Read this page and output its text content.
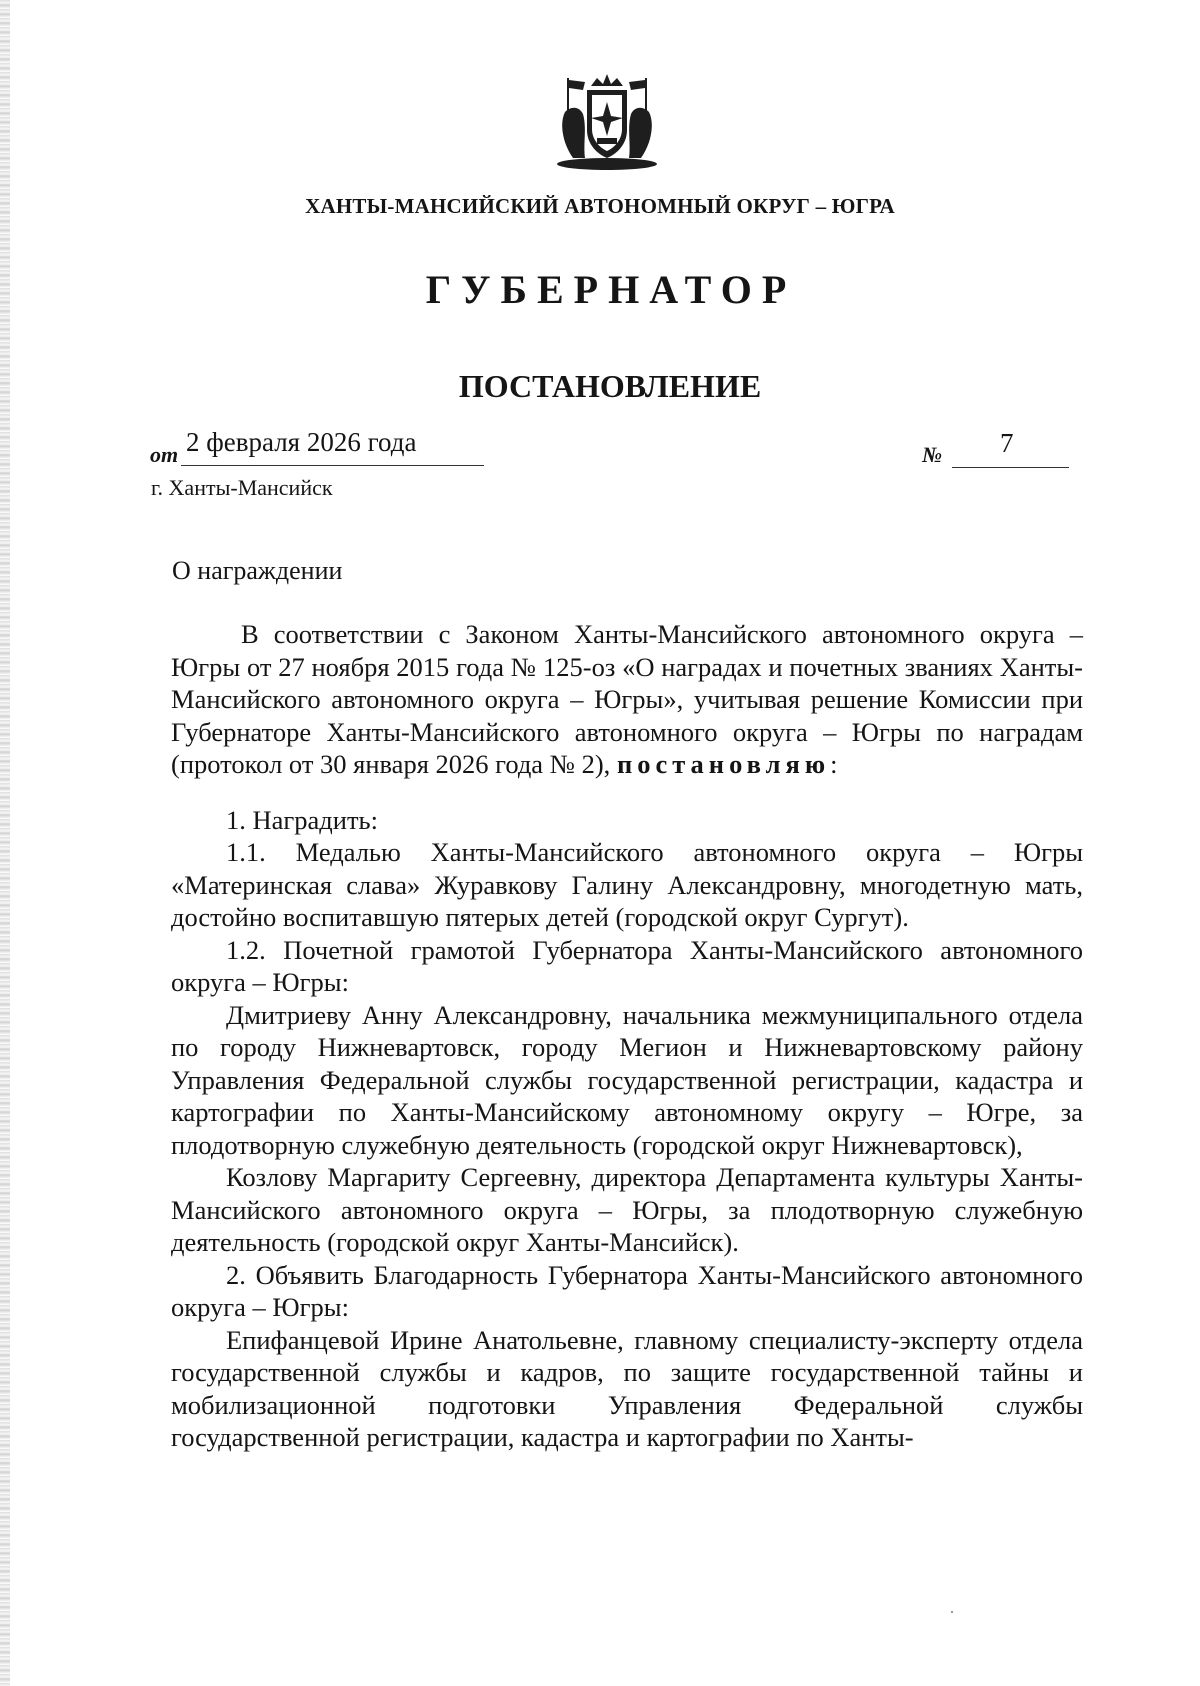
ХАНТЫ-МАНСИЙСКИЙ АВТОНОМНЫЙ ОКРУГ – ЮГРА
ГУБЕРНАТОР
ПОСТАНОВЛЕНИЕ
от 2 февраля 2026 года	№ 7
г. Ханты-Мансийск
О награждении

В соответствии с Законом Ханты-Мансийского автономного округа – Югры от 27 ноября 2015 года № 125-оз «О наградах и почетных званиях Ханты-Мансийского автономного округа – Югры», учитывая решение Комиссии при Губернаторе Ханты-Мансийского автономного округа – Югры по наградам (протокол от 30 января 2026 года № 2), постановляю:

1. Наградить:

1.1. Медалью Ханты-Мансийского автономного округа – Югры «Материнская слава» Журавкову Галину Александровну, многодетную мать, достойно воспитавшую пятерых детей (городской округ Сургут).

1.2. Почетной грамотой Губернатора Ханты-Мансийского автономного округа – Югры:

Дмитриеву Анну Александровну, начальника межмуниципального отдела по городу Нижневартовск, городу Мегион и Нижневартовскому району Управления Федеральной службы государственной регистрации, кадастра и картографии по Ханты-Мансийскому автономному округу – Югре, за плодотворную служебную деятельность (городской округ Нижневартовск),

Козлову Маргариту Сергеевну, директора Департамента культуры Ханты-Мансийского автономного округа – Югры, за плодотворную служебную деятельность (городской округ Ханты-Мансийск).

2. Объявить Благодарность Губернатора Ханты-Мансийского автономного округа – Югры:

Епифанцевой Ирине Анатольевне, главному специалисту-эксперту отдела государственной службы и кадров, по защите государственной тайны и мобилизационной подготовки Управления Федеральной службы государственной регистрации, кадастра и картографии по Ханты-
